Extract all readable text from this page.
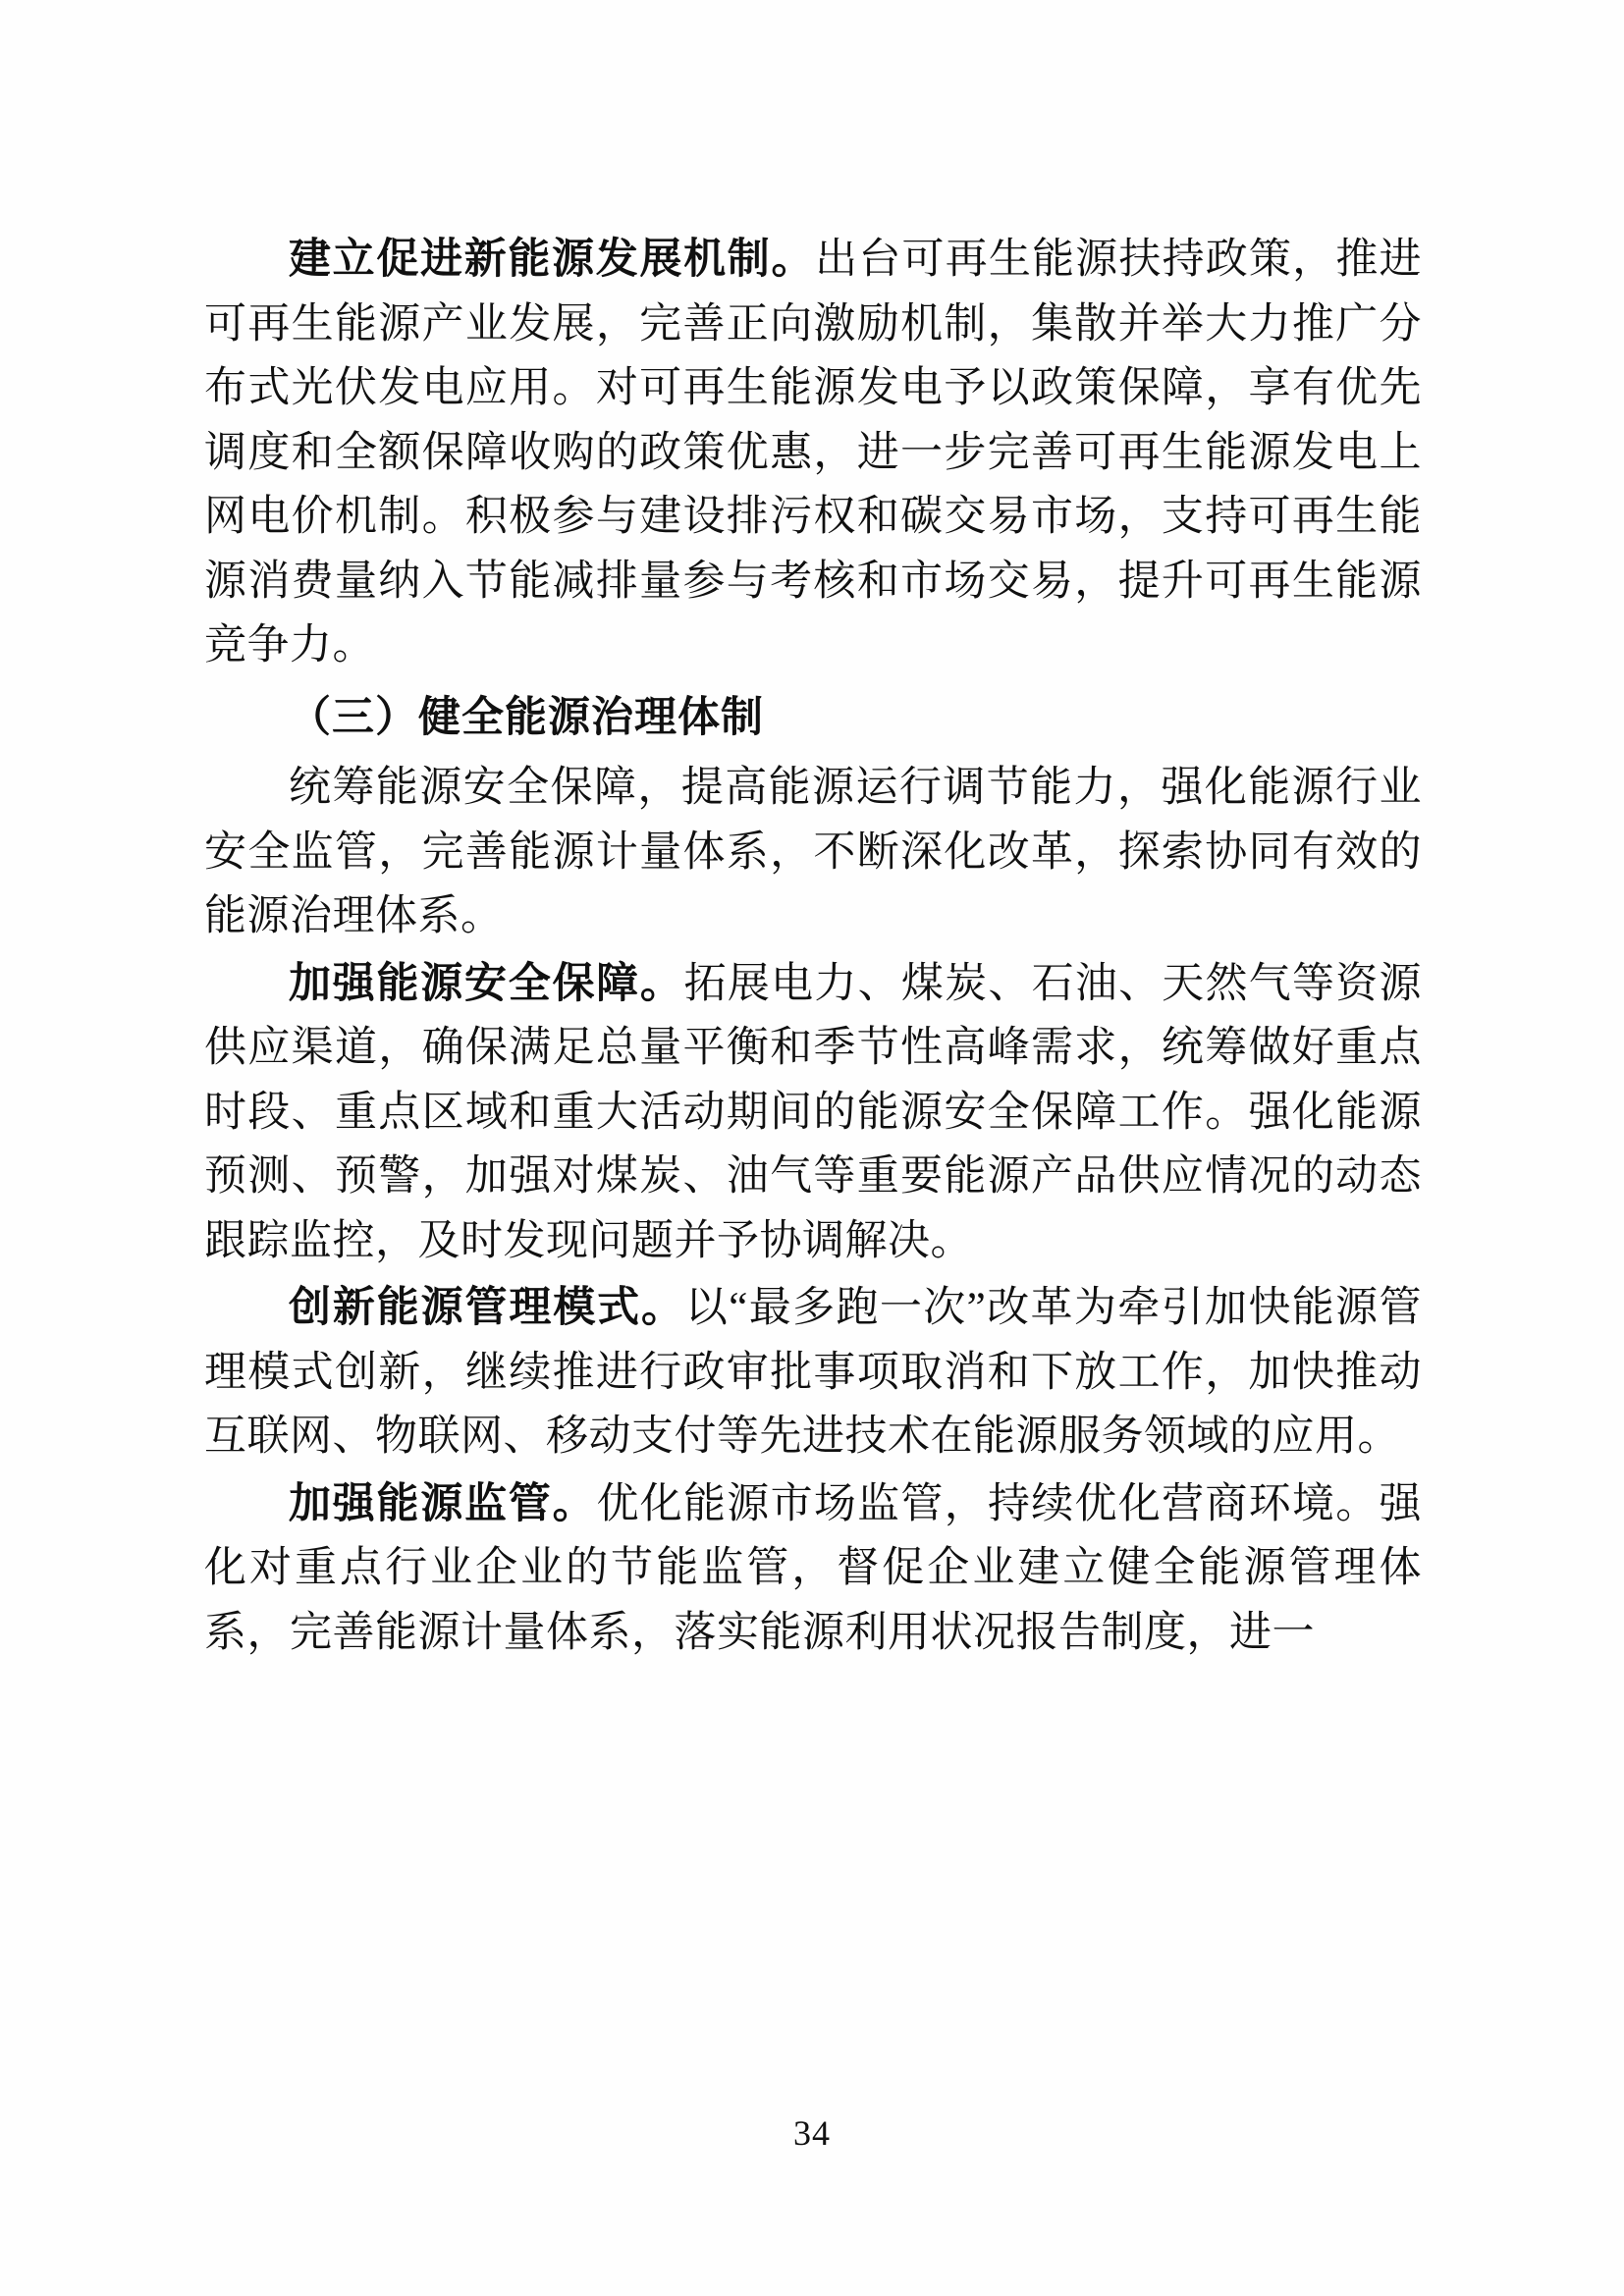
建立促进新能源发展机制。出台可再生能源扶持政策，推进可再生能源产业发展，完善正向激励机制，集散并举大力推广分布式光伏发电应用。对可再生能源发电予以政策保障，享有优先调度和全额保障收购的政策优惠，进一步完善可再生能源发电上网电价机制。积极参与建设排污权和碳交易市场，支持可再生能源消费量纳入节能减排量参与考核和市场交易，提升可再生能源竞争力。

（三）健全能源治理体制

统筹能源安全保障，提高能源运行调节能力，强化能源行业安全监管，完善能源计量体系，不断深化改革，探索协同有效的能源治理体系。

加强能源安全保障。拓展电力、煤炭、石油、天然气等资源供应渠道，确保满足总量平衡和季节性高峰需求，统筹做好重点时段、重点区域和重大活动期间的能源安全保障工作。强化能源预测、预警，加强对煤炭、油气等重要能源产品供应情况的动态跟踪监控，及时发现问题并予协调解决。

创新能源管理模式。以“最多跑一次”改革为牵引加快能源管理模式创新，继续推进行政审批事项取消和下放工作，加快推动互联网、物联网、移动支付等先进技术在能源服务领域的应用。

加强能源监管。优化能源市场监管，持续优化营商环境。强化对重点行业企业的节能监管，督促企业建立健全能源管理体系，完善能源计量体系，落实能源利用状况报告制度，进一

34
